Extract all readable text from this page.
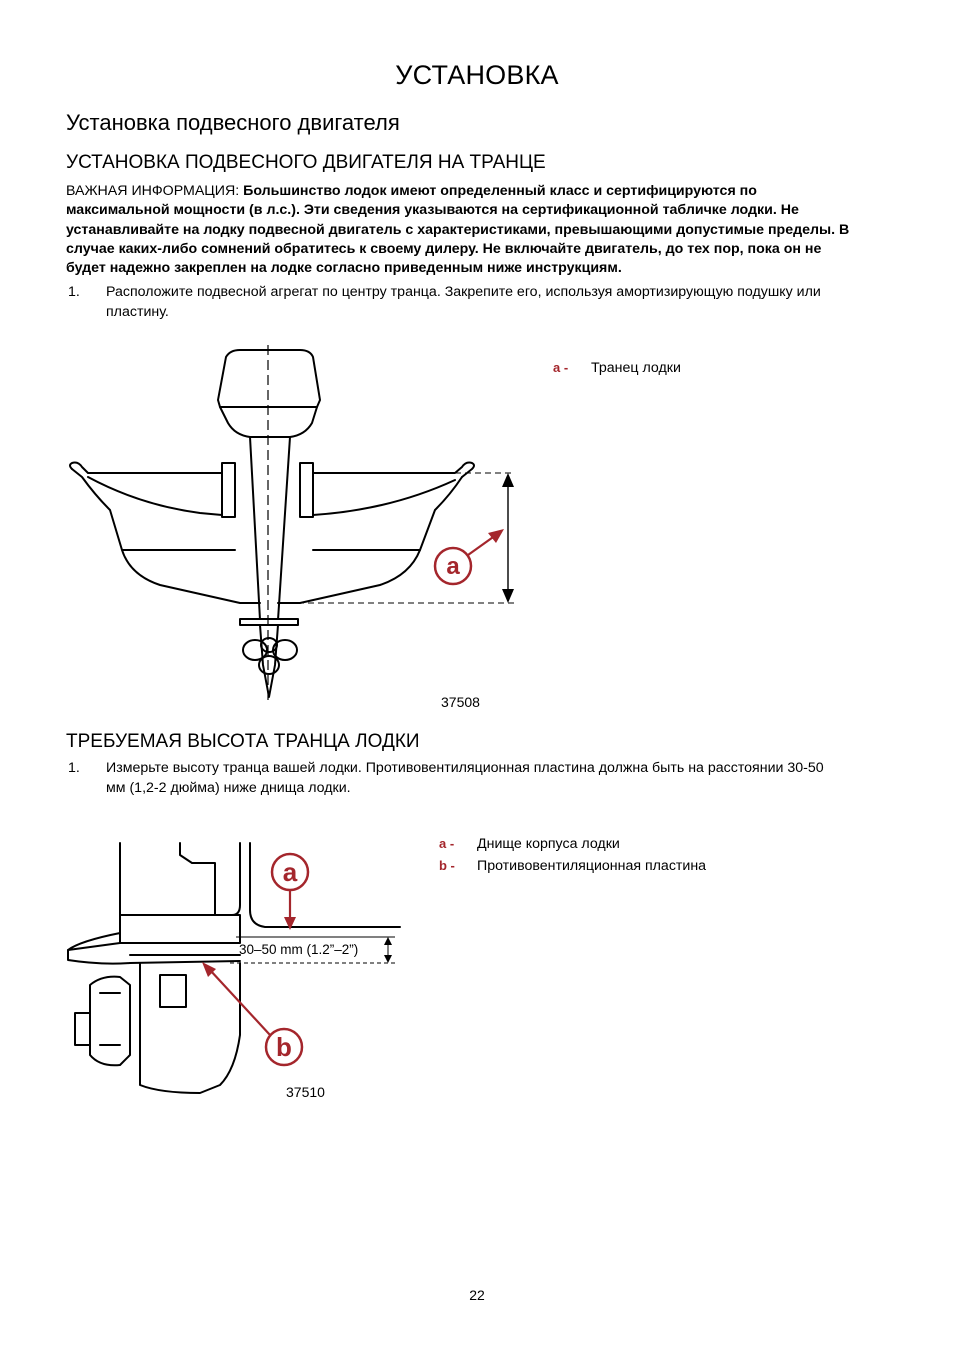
УСТАНОВКА
Установка подвесного двигателя
УСТАНОВКА ПОДВЕСНОГО ДВИГАТЕЛЯ НА ТРАНЦЕ

ВАЖНАЯ ИНФОРМАЦИЯ: Большинство лодок имеют определенный класс и сертифицируются по максимальной мощности (в л.с.). Эти сведения указываются на сертификационной табличке лодки. Не устанавливайте на лодку подвесной двигатель с характеристиками, превышающими допустимые пределы. В случае каких-либо сомнений обратитесь к своему дилеру. Не включайте двигатель, до тех пор, пока он не будет надежно закреплен на лодке согласно приведенным ниже инструкциям.

1. Расположите подвесной агрегат по центру транца. Закрепите его, используя амортизирующую подушку или пластину.
a
a -	Транец лодки
37508
ТРЕБУЕМАЯ ВЫСОТА ТРАНЦА ЛОДКИ
1. Измерьте высоту транца вашей лодки. Противовентиляционная пластина должна быть на расстоянии 30-50 мм (1,2-2 дюйма) ниже днища лодки.
a
b
30–50 mm (1.2”–2”)
a -	Днище корпуса лодки
b -	Противовентиляционная пластина
37510
22
